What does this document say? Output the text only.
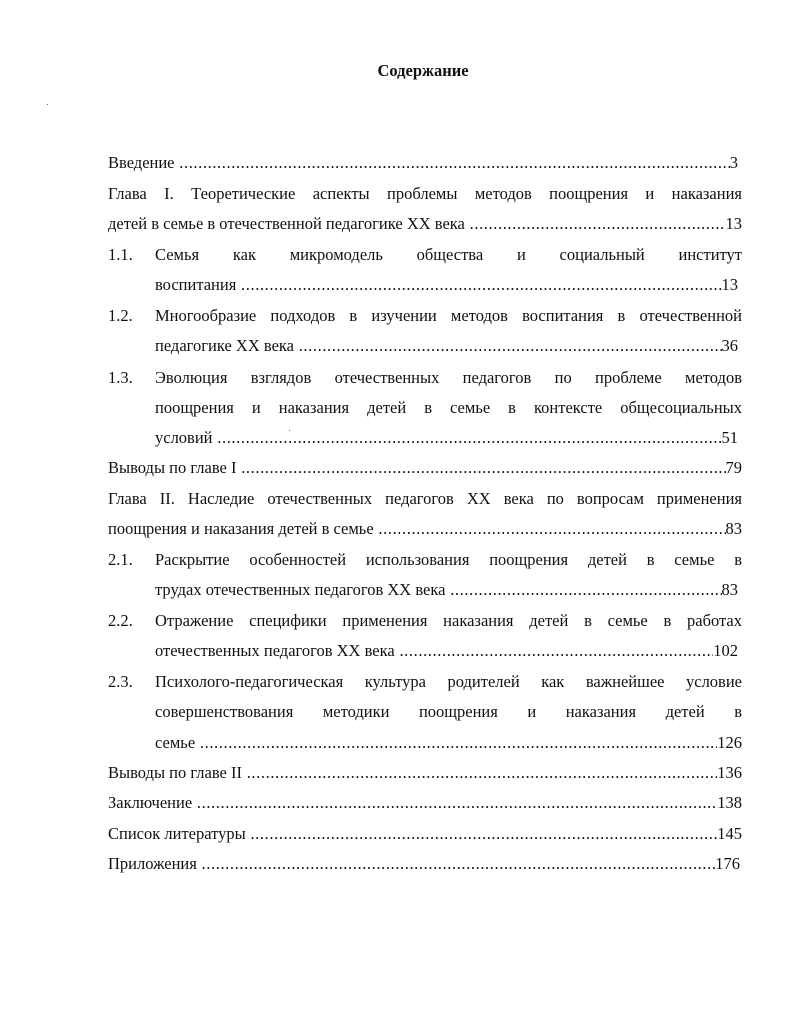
Содержание
Введение .....	3
Глава I. Теоретические аспекты проблемы методов поощрения и наказания
детей в семье в отечественной педагогике XX века .....	13
1.1. Семья как микромодель общества и социальный институт
воспитания .....	13
1.2. Многообразие подходов в изучении методов воспитания в отечественной
педагогике XX века .....	36
1.3. Эволюция взглядов отечественных педагогов по проблеме методов
поощрения и наказания детей в семье в контексте общесоциальных
условий .....	51
Выводы по главе I .....	79
Глава II. Наследие отечественных педагогов XX века по вопросам применения
поощрения и наказания детей в семье .....	83
2.1. Раскрытие особенностей использования поощрения детей в семье в
трудах отечественных педагогов XX века .....	83
2.2. Отражение специфики применения наказания детей в семье в работах
отечественных педагогов XX века .....	102
2.3. Психолого-педагогическая культура родителей как важнейшее условие
совершенствования методики поощрения и наказания детей в
семье .....	126
Выводы по главе II .....	136
Заключение .....	138
Список литературы .....	145
Приложения .....	176
